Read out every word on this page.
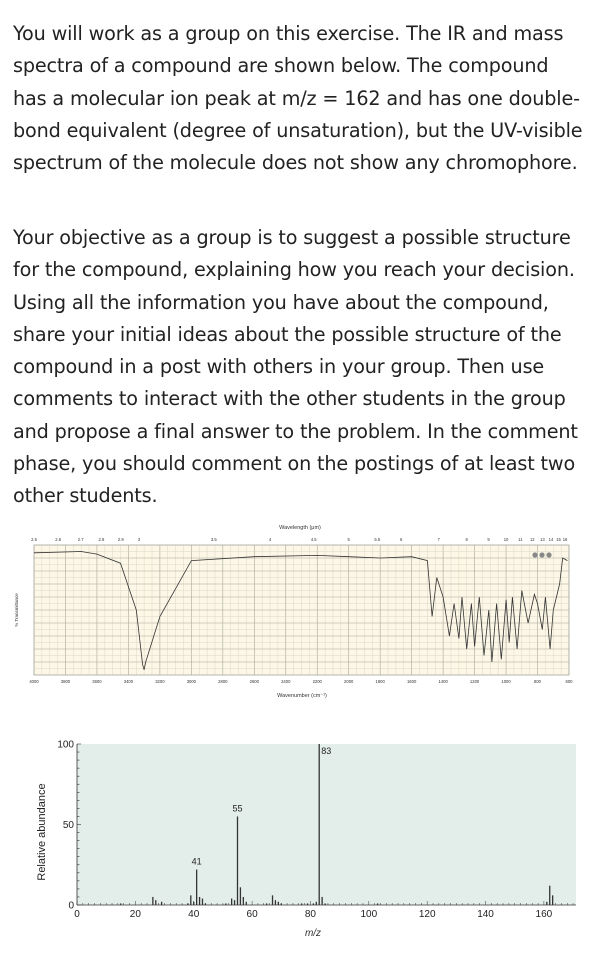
You will work as a group on this exercise. The IR and mass spectra of a compound are shown below. The compound has a molecular ion peak at m/z = 162 and has one double-bond equivalent (degree of unsaturation), but the UV-visible spectrum of the molecule does not show any chromophore.

Your objective as a group is to suggest a possible structure for the compound, explaining how you reach your decision. Using all the information you have about the compound, share your initial ideas about the possible structure of the compound in a post with others in your group. Then use comments to interact with the other students in the group and propose a final answer to the problem. In the comment phase, you should comment on the postings of at least two other students.

2.5	2.6	2.7	2.8	2.9	3	3.5	4	4.5	5	5.5	6	7	8	9	10 11 12 13 14 15 16
4000	3800	3600	3400	3200	3000	2800	2600	2400	2200	2000	1800	1600	1400	1200	1000	800	600
Wavelength (μm)
Wavenumber (cm⁻¹)
% Transmittance
0
50
100
0	20	40	60	80	100	120	140	160
41
55
83
m/z
Relative abundance
